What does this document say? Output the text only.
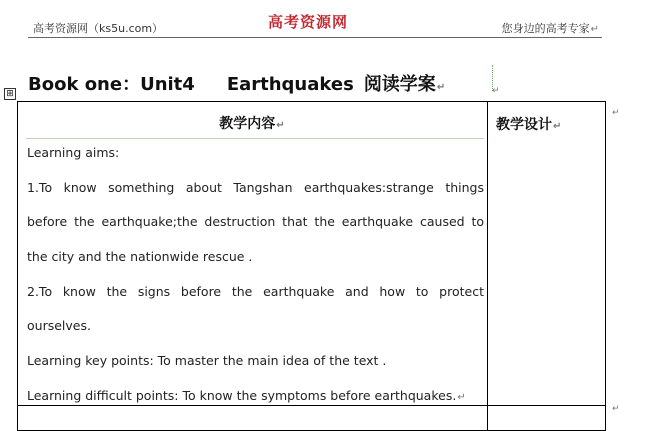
高考资源网（ks5u.com）	高考资源网	您身边的高考专家↵
↵
Book one：Unit4 Earthquakes 阅读学案↵
⊞
↵
↵
教学内容↵	教学设计↵
Learning aims:
1.To know something about Tangshan earthquakes:strange things
before the earthquake;the destruction that the earthquake caused to
the city and the nationwide rescue .
2.To know the signs before the earthquake and how to protect
ourselves.
Learning key points: To master the main idea of the text .
Learning difficult points: To know the symptoms before earthquakes.↵
